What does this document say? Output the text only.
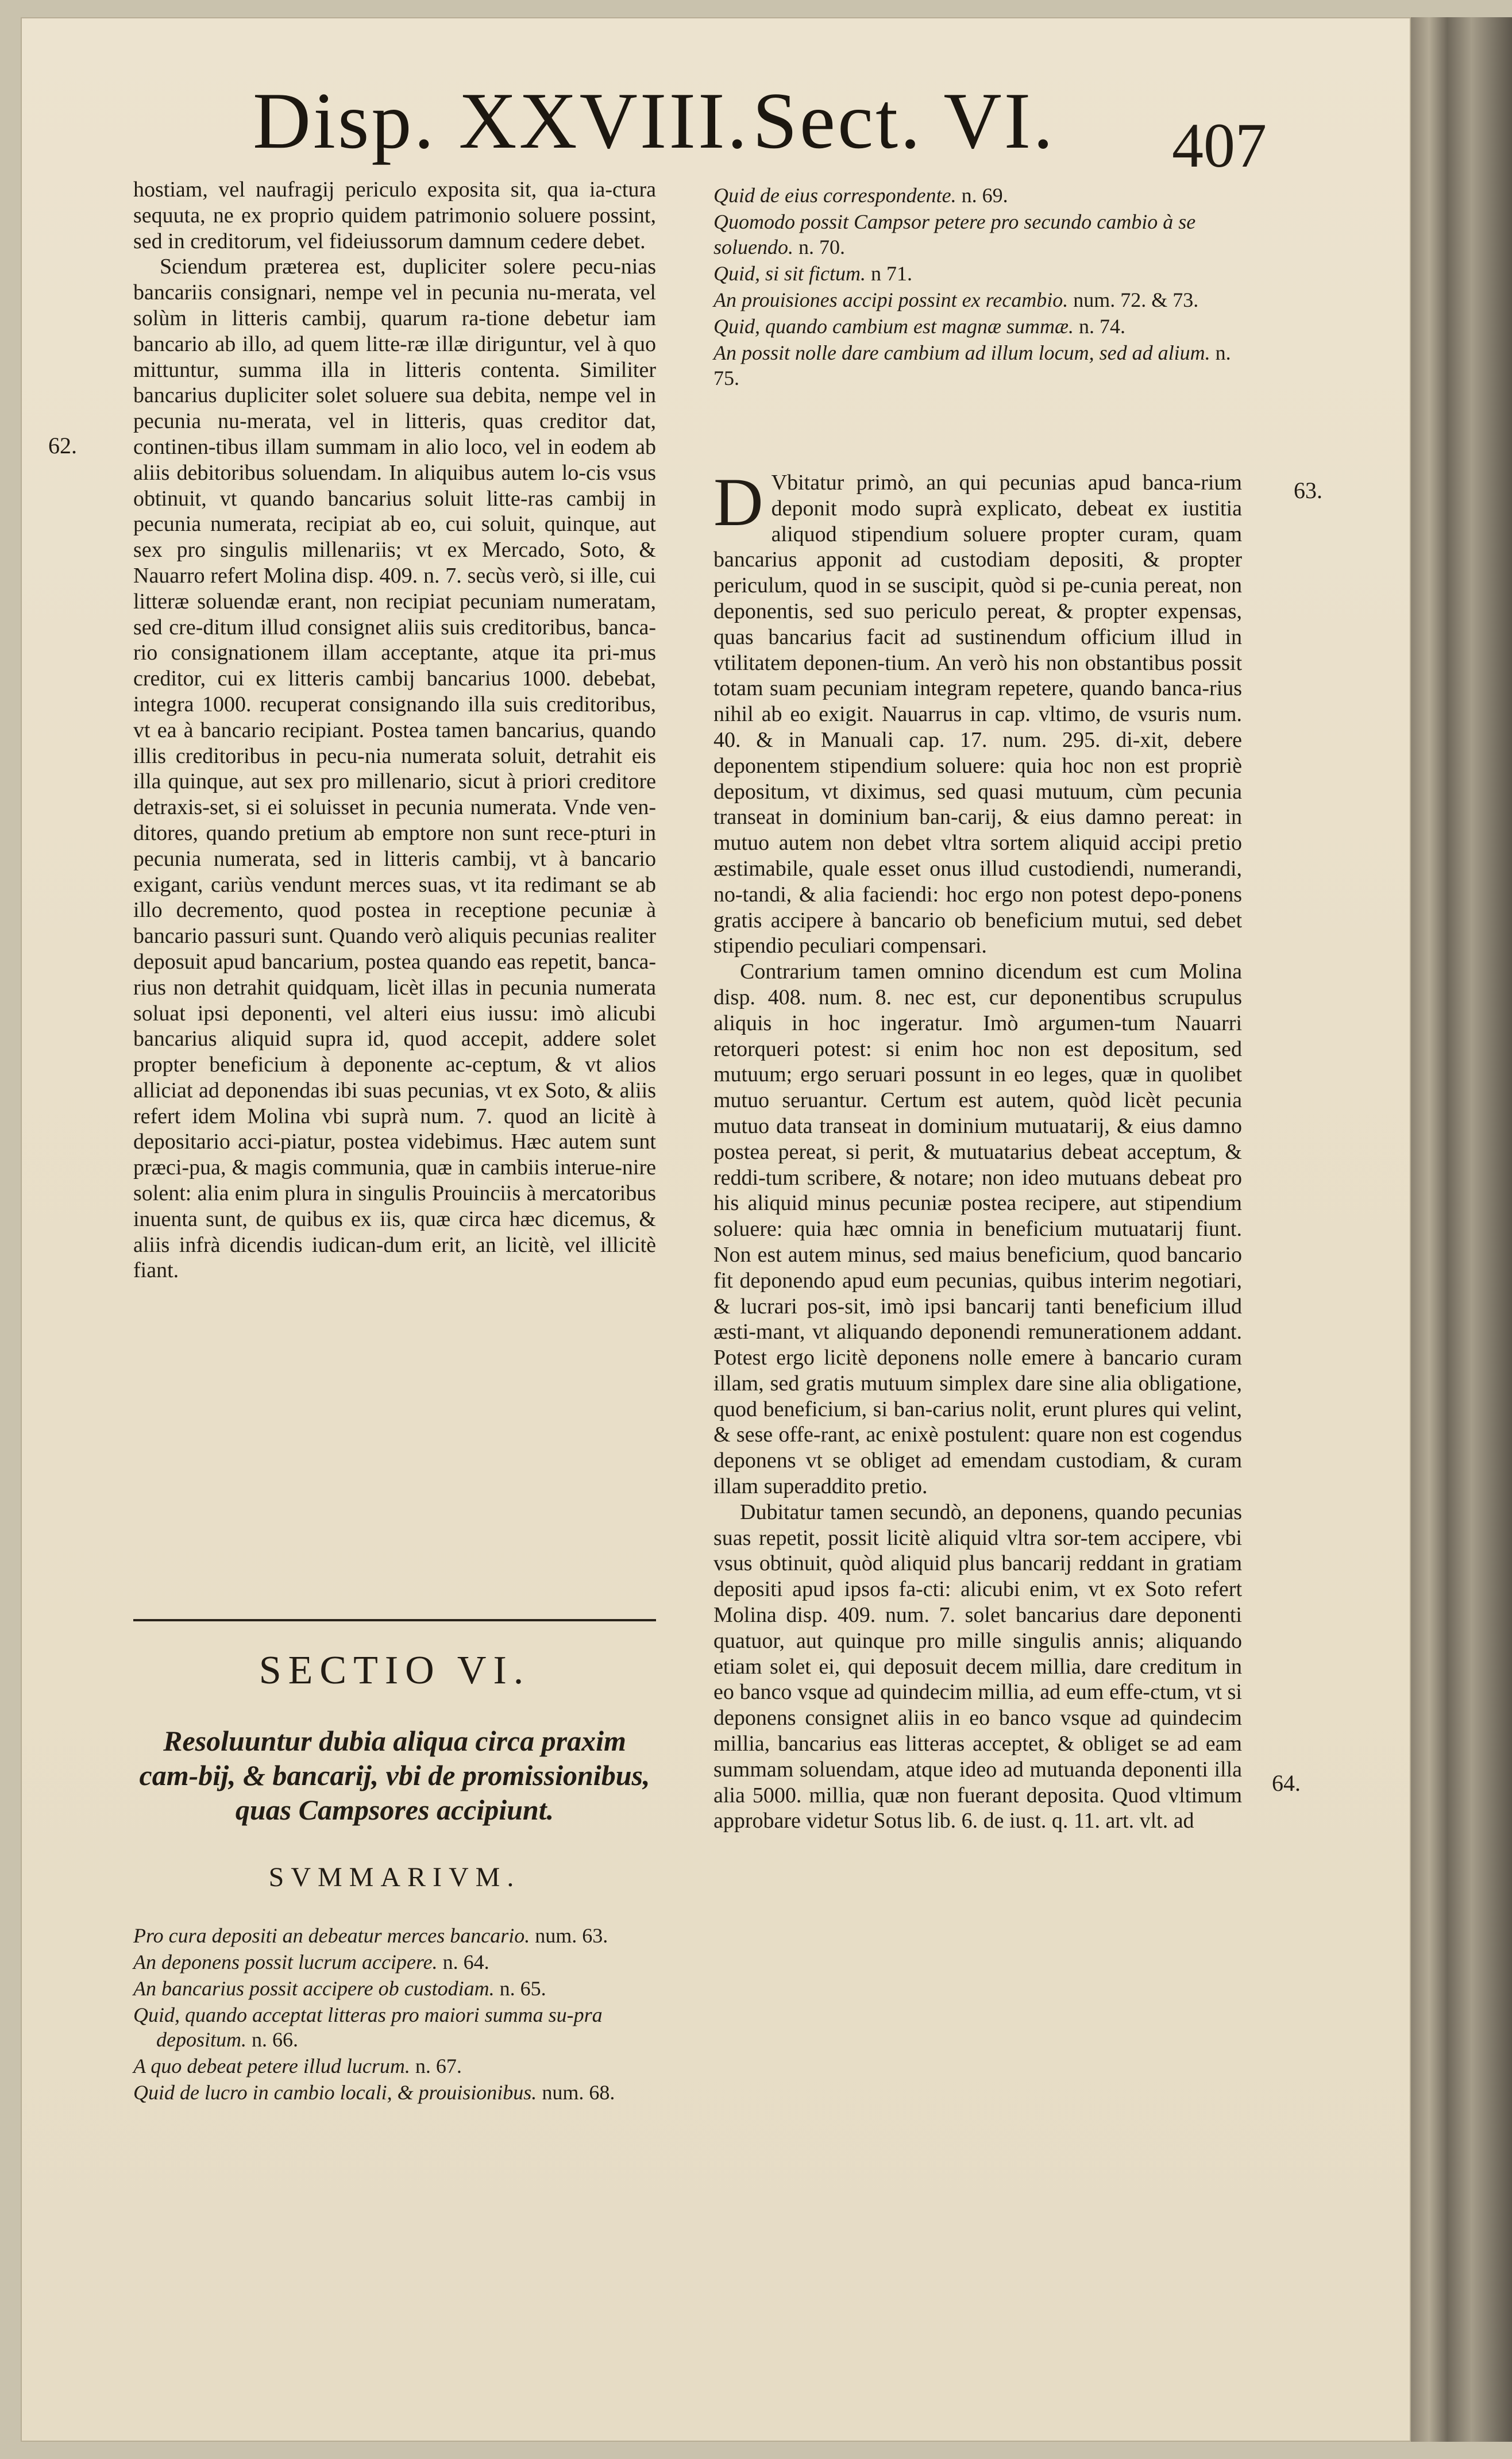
Disp. XXVIII. Sect. VI. 407
62.
63.
64.

hostiam, vel naufragij periculo exposita sit, qua ia-ctura sequuta, ne ex proprio quidem patrimonio soluere possint, sed in creditorum, vel fideiussorum damnum cedere debet.

Sciendum præterea est, dupliciter solere pecu-nias bancariis consignari, nempe vel in pecunia nu-merata, vel solùm in litteris cambij, quarum ra-tione debetur iam bancario ab illo, ad quem litte-ræ illæ diriguntur, vel à quo mittuntur, summa illa in litteris contenta. Similiter bancarius dupliciter solet soluere sua debita, nempe vel in pecunia nu-merata, vel in litteris, quas creditor dat, continen-tibus illam summam in alio loco, vel in eodem ab aliis debitoribus soluendam. In aliquibus autem lo-cis vsus obtinuit, vt quando bancarius soluit litte-ras cambij in pecunia numerata, recipiat ab eo, cui soluit, quinque, aut sex pro singulis millenariis; vt ex Mercado, Soto, & Nauarro refert Molina disp. 409. n. 7. secùs verò, si ille, cui litteræ soluendæ erant, non recipiat pecuniam numeratam, sed cre-ditum illud consignet aliis suis creditoribus, banca-rio consignationem illam acceptante, atque ita pri-mus creditor, cui ex litteris cambij bancarius 1000. debebat, integra 1000. recuperat consignando illa suis creditoribus, vt ea à bancario recipiant. Postea tamen bancarius, quando illis creditoribus in pecu-nia numerata soluit, detrahit eis illa quinque, aut sex pro millenario, sicut à priori creditore detraxis-set, si ei soluisset in pecunia numerata. Vnde ven-ditores, quando pretium ab emptore non sunt rece-pturi in pecunia numerata, sed in litteris cambij, vt à bancario exigant, cariùs vendunt merces suas, vt ita redimant se ab illo decremento, quod postea in receptione pecuniæ à bancario passuri sunt. Quando verò aliquis pecunias realiter deposuit apud bancarium, postea quando eas repetit, banca-rius non detrahit quidquam, licèt illas in pecunia numerata soluat ipsi deponenti, vel alteri eius iussu: imò alicubi bancarius aliquid supra id, quod accepit, addere solet propter beneficium à deponente ac-ceptum, & vt alios alliciat ad deponendas ibi suas pecunias, vt ex Soto, & aliis refert idem Molina vbi suprà num. 7. quod an licitè à depositario acci-piatur, postea videbimus. Hæc autem sunt præci-pua, & magis communia, quæ in cambiis interue-nire solent: alia enim plura in singulis Prouinciis à mercatoribus inuenta sunt, de quibus ex iis, quæ circa hæc dicemus, & aliis infrà dicendis iudican-dum erit, an licitè, vel illicitè fiant.

SECTIO VI.
Resoluuntur dubia aliqua circa praxim cam-bij, & bancarij, vbi de promissionibus, quas Campsores accipiunt.
SVMMARIVM.
Pro cura depositi an debeatur merces bancario. num. 63.
An deponens possit lucrum accipere. n. 64.
An bancarius possit accipere ob custodiam. n. 65.
Quid, quando acceptat litteras pro maiori summa su-pra depositum. n. 66.
A quo debeat petere illud lucrum. n. 67.
Quid de lucro in cambio locali, & prouisionibus. num. 68.
Quid de eius correspondente. n. 69.
Quomodo possit Campsor petere pro secundo cambio à se soluendo. n. 70.
Quid, si sit fictum. n 71.
An prouisiones accipi possint ex recambio. num. 72. & 73.
Quid, quando cambium est magnæ summæ. n. 74.
An possit nolle dare cambium ad illum locum, sed ad alium. n. 75.

D Vbitatur primò, an qui pecunias apud banca-rium deponit modo suprà explicato, debeat ex iustitia aliquod stipendium soluere propter curam, quam bancarius apponit ad custodiam depositi, & propter periculum, quod in se suscipit, quòd si pe-cunia pereat, non deponentis, sed suo periculo pereat, & propter expensas, quas bancarius facit ad sustinendum officium illud in vtilitatem deponen-tium. An verò his non obstantibus possit totam suam pecuniam integram repetere, quando banca-rius nihil ab eo exigit. Nauarrus in cap. vltimo, de vsuris num. 40. & in Manuali cap. 17. num. 295. di-xit, debere deponentem stipendium soluere: quia hoc non est propriè depositum, vt diximus, sed quasi mutuum, cùm pecunia transeat in dominium ban-carij, & eius damno pereat: in mutuo autem non debet vltra sortem aliquid accipi pretio æstimabile, quale esset onus illud custodiendi, numerandi, no-tandi, & alia faciendi: hoc ergo non potest depo-ponens gratis accipere à bancario ob beneficium mutui, sed debet stipendio peculiari compensari.

Contrarium tamen omnino dicendum est cum Molina disp. 408. num. 8. nec est, cur deponentibus scrupulus aliquis in hoc ingeratur. Imò argumen-tum Nauarri retorqueri potest: si enim hoc non est depositum, sed mutuum; ergo seruari possunt in eo leges, quæ in quolibet mutuo seruantur. Certum est autem, quòd licèt pecunia mutuo data transeat in dominium mutuatarij, & eius damno postea pereat, si perit, & mutuatarius debeat acceptum, & reddi-tum scribere, & notare; non ideo mutuans debeat pro his aliquid minus pecuniæ postea recipere, aut stipendium soluere: quia hæc omnia in beneficium mutuatarij fiunt. Non est autem minus, sed maius beneficium, quod bancario fit deponendo apud eum pecunias, quibus interim negotiari, & lucrari pos-sit, imò ipsi bancarij tanti beneficium illud æsti-mant, vt aliquando deponendi remunerationem addant. Potest ergo licitè deponens nolle emere à bancario curam illam, sed gratis mutuum simplex dare sine alia obligatione, quod beneficium, si ban-carius nolit, erunt plures qui velint, & sese offe-rant, ac enixè postulent: quare non est cogendus deponens vt se obliget ad emendam custodiam, & curam illam superaddito pretio.

Dubitatur tamen secundò, an deponens, quando pecunias suas repetit, possit licitè aliquid vltra sor-tem accipere, vbi vsus obtinuit, quòd aliquid plus bancarij reddant in gratiam depositi apud ipsos fa-cti: alicubi enim, vt ex Soto refert Molina disp. 409. num. 7. solet bancarius dare deponenti quatuor, aut quinque pro mille singulis annis; aliquando etiam solet ei, qui deposuit decem millia, dare creditum in eo banco vsque ad quindecim millia, ad eum effe-ctum, vt si deponens consignet aliis in eo banco vsque ad quindecim millia, bancarius eas litteras acceptet, & obliget se ad eam summam soluendam, atque ideo ad mutuanda deponenti illa alia 5000. millia, quæ non fuerant deposita. Quod vltimum approbare videtur Sotus lib. 6. de iust. q. 11. art. vlt. ad
